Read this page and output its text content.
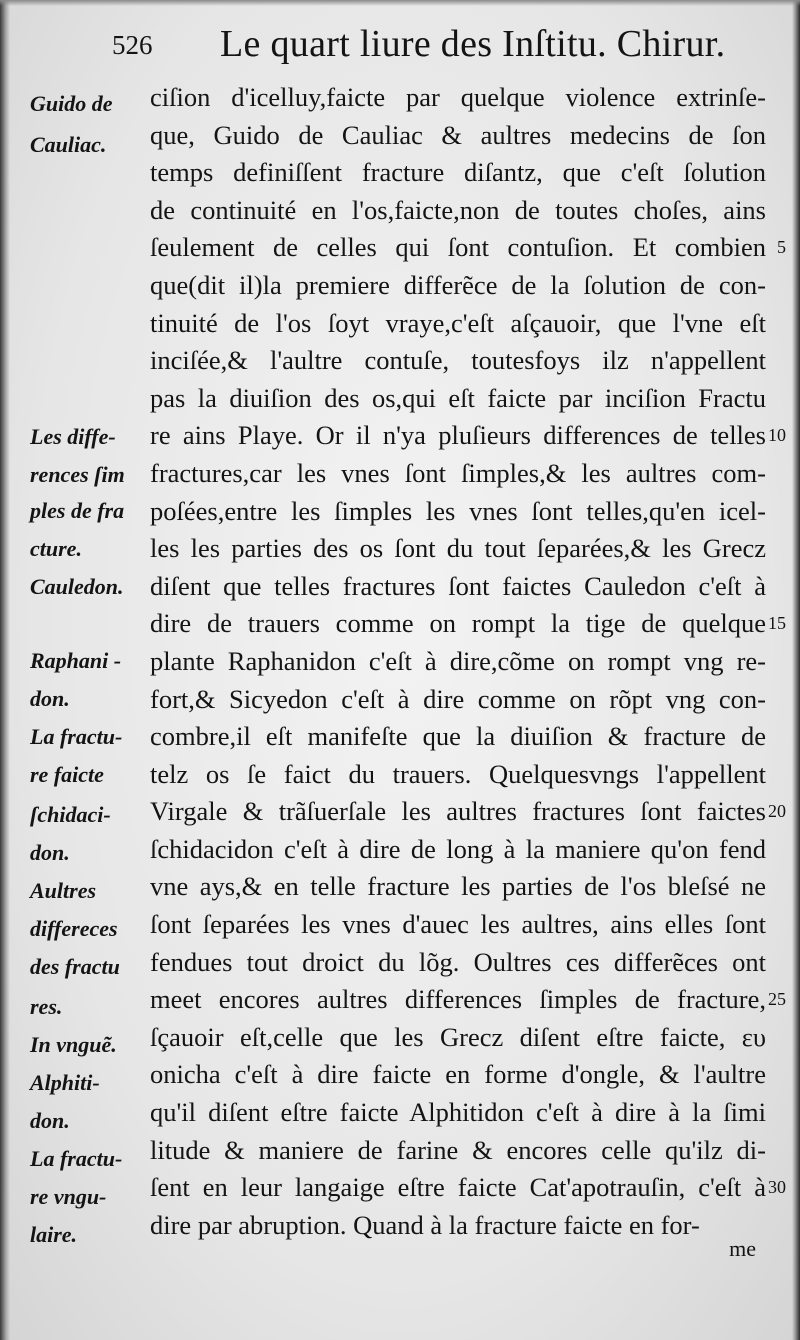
526 Le quart liure des Inſtitu. Chirur.
Guido de
Cauliac.
Les diffe-
rences ſim
ples de fra
cture.
Cauledon.
Raphani -
don.
La fractu-
re faicte
ſchidaci-
don.
Aultres
differeces
des fractu
res.
In vnguẽ.
Alphiti-
don.
La fractu-
re vngu-
laire.
ciſion d'icelluy,faicte par quelque violence extrinſe-
que, Guido de Cauliac & aultres medecins de ſon
temps definiſſent fracture diſantz, que c'eſt ſolution
de continuité en l'os,faicte,non de toutes choſes, ains
ſeulement de celles qui ſont contuſion. Et combien
que(dit il)la premiere differẽce de la ſolution de con-
tinuité de l'os ſoyt vraye,c'eſt aſçauoir, que l'vne eſt
inciſée,& l'aultre contuſe, toutesfoys ilz n'appellent
pas la diuiſion des os,qui eſt faicte par inciſion Fractu
re ains Playe. Or il n'ya pluſieurs differences de telles
fractures,car les vnes ſont ſimples,& les aultres com-
poſées,entre les ſimples les vnes ſont telles,qu'en icel-
les les parties des os ſont du tout ſeparées,& les Grecz
diſent que telles fractures ſont faictes Cauledon c'eſt à
dire de trauers comme on rompt la tige de quelque
plante Raphanidon c'eſt à dire,cõme on rompt vng re-
fort,& Sicyedon c'eſt à dire comme on rõpt vng con-
combre,il eſt manifeſte que la diuiſion & fracture de
telz os ſe faict du trauers. Quelquesvngs l'appellent
Virgale & trãſuerſale les aultres fractures ſont faictes
ſchidacidon c'eſt à dire de long à la maniere qu'on fend
vne ays,& en telle fracture les parties de l'os bleſsé ne
ſont ſeparées les vnes d'auec les aultres, ains elles ſont
fendues tout droict du lõg. Oultres ces differẽces ont
meet encores aultres differences ſimples de fracture,
ſçauoir eſt,celle que les Grecz diſent eſtre faicte, ευ
onicha c'eſt à dire faicte en forme d'ongle, & l'aultre
qu'il diſent eſtre faicte Alphitidon c'eſt à dire à la ſimi
litude & maniere de farine & encores celle qu'ilz di-
ſent en leur langaige eſtre faicte Cat'apotrauſin, c'eſt à
dire par abruption. Quand à la fracture faicte en for-
5
10
15
20
25
30
me
